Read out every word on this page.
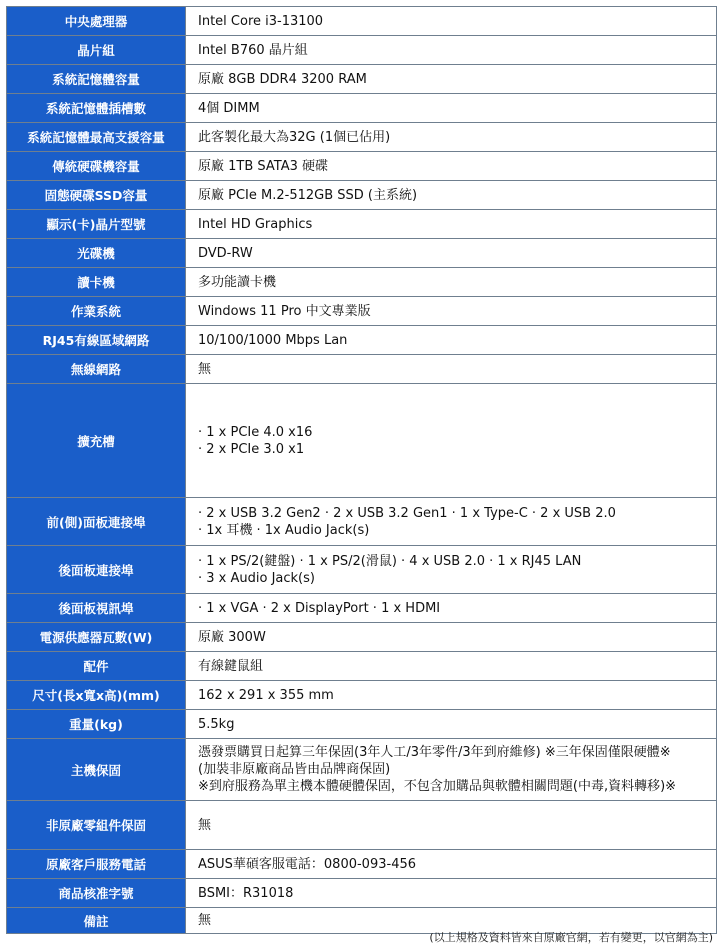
中央處理器	Intel Core i3-13100

晶片組	Intel B760 晶片組

系統記憶體容量	原廠 8GB DDR4 3200 RAM

系統記憶體插槽數	4個 DIMM

系統記憶體最高支援容量	此客製化最大為32G (1個已佔用)

傳統硬碟機容量	原廠 1TB SATA3 硬碟

固態硬碟SSD容量	原廠 PCIe M.2-512GB SSD (主系統)

顯示(卡)晶片型號	Intel HD Graphics

光碟機	DVD-RW

讀卡機	多功能讀卡機

作業系統	Windows 11 Pro 中文專業版

RJ45有線區域網路	10/100/1000 Mbps Lan

無線網路	無

擴充槽	· 1 x PCIe 4.0 x16
· 2 x PCIe 3.0 x1

前(側)面板連接埠	· 2 x USB 3.2 Gen2 · 2 x USB 3.2 Gen1 · 1 x Type-C · 2 x USB 2.0
· 1x 耳機 · 1x Audio Jack(s)

後面板連接埠	· 1 x PS/2(鍵盤) · 1 x PS/2(滑鼠) · 4 x USB 2.0 · 1 x RJ45 LAN
· 3 x Audio Jack(s)

後面板視訊埠	· 1 x VGA · 2 x DisplayPort · 1 x HDMI

電源供應器瓦數(W)	原廠 300W

配件	有線鍵鼠組

尺寸(長x寬x高)(mm)	162 x 291 x 355 mm

重量(kg)	5.5kg

主機保固	憑發票購買日起算三年保固(3年人工/3年零件/3年到府維修) ※三年保固僅限硬體※
(加裝非原廠商品皆由品牌商保固)
※到府服務為單主機本體硬體保固，不包含加購品與軟體相關問題(中毒,資料轉移)※

非原廠零組件保固	無

原廠客戶服務電話	ASUS華碩客服電話：0800-093-456

商品核准字號	BSMI：R31018

備註	無
(以上規格及資料皆來自原廠官網，若有變更，以官網為主)
